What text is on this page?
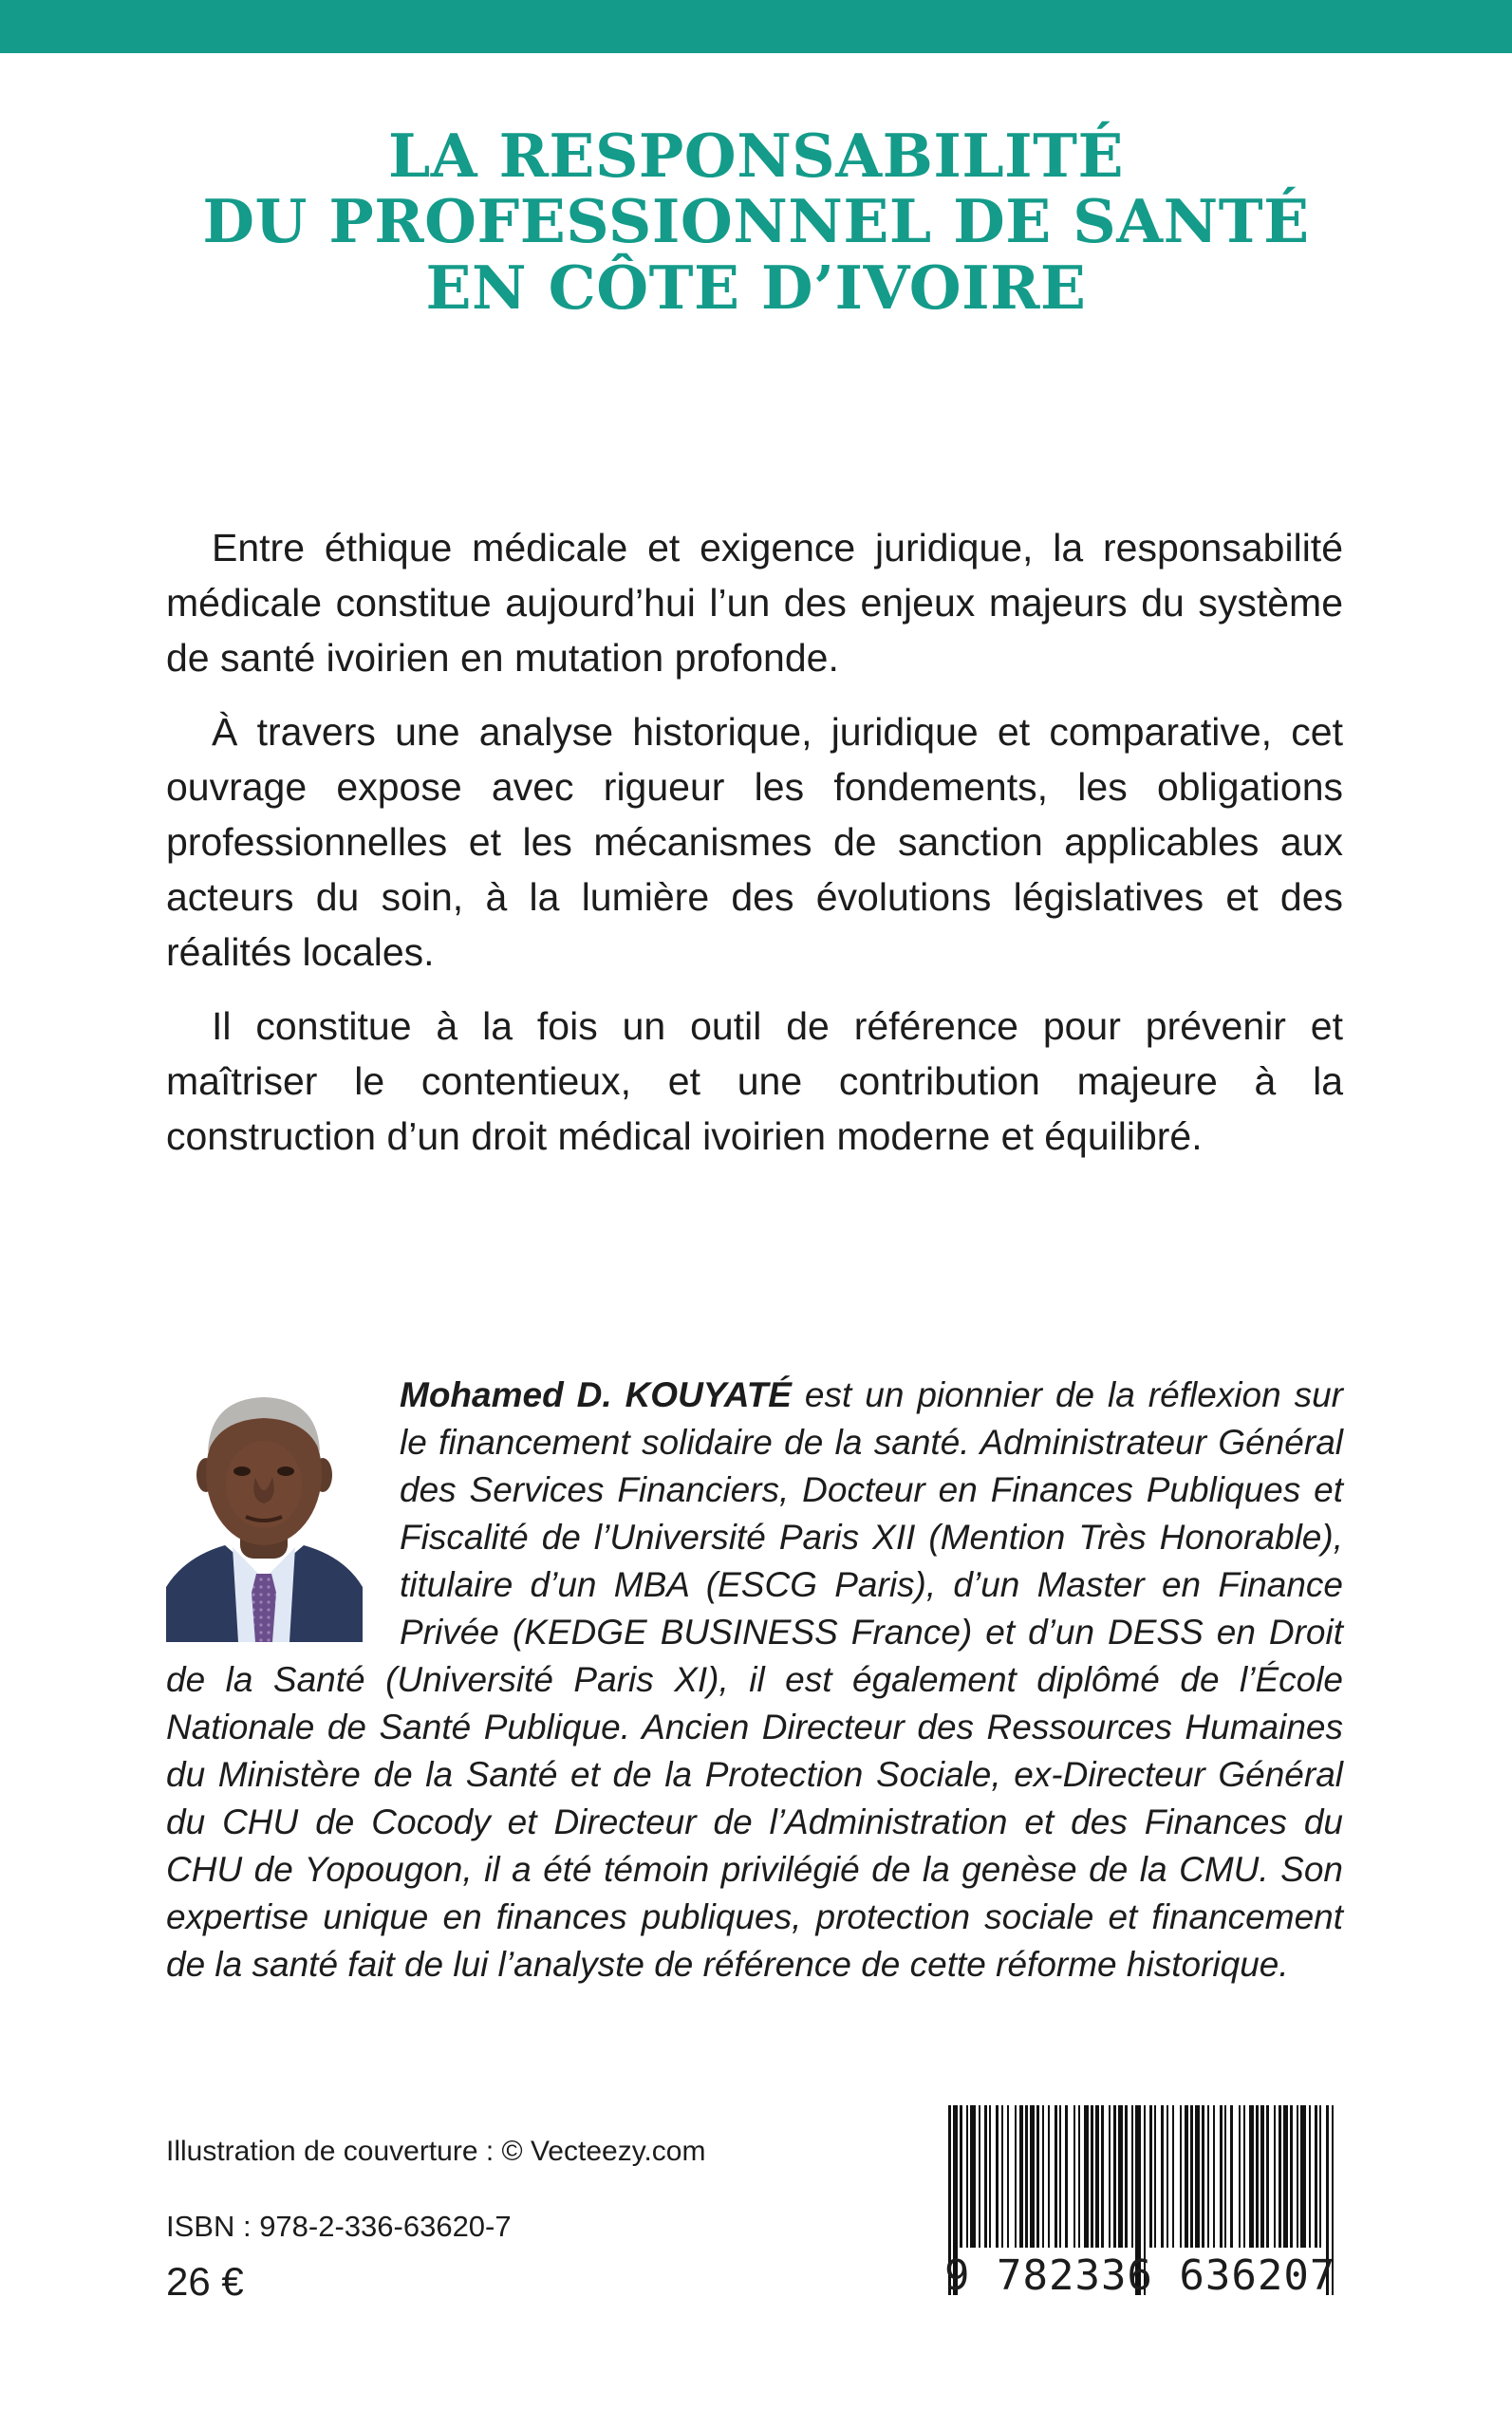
LA RESPONSABILITÉ
DU PROFESSIONNEL DE SANTÉ
EN CÔTE D’IVOIRE

Entre éthique médicale et exigence juridique, la responsabilité médicale constitue aujourd’hui l’un des enjeux majeurs du système de santé ivoirien en mutation profonde.

À travers une analyse historique, juridique et comparative, cet ouvrage expose avec rigueur les fondements, les obligations professionnelles et les mécanismes de sanction applicables aux acteurs du soin, à la lumière des évolutions législatives et des réalités locales.

Il constitue à la fois un outil de référence pour prévenir et maîtriser le contentieux, et une contribution majeure à la construction d’un droit médical ivoirien moderne et équilibré.

Mohamed D. KOUYATÉ est un pionnier de la réflexion sur le financement solidaire de la santé. Administrateur Général des Services Financiers, Docteur en Finances Publiques et Fiscalité de l’Université Paris XII (Mention Très Honorable), titulaire d’un MBA (ESCG Paris), d’un Master en Finance Privée (KEDGE BUSINESS France) et d’un DESS en Droit de la Santé (Université Paris XI), il est également diplômé de l’École Nationale de Santé Publique. Ancien Directeur des Ressources Humaines du Ministère de la Santé et de la Protection Sociale, ex-Directeur Général du CHU de Cocody et Directeur de l’Administration et des Finances du CHU de Yopougon, il a été témoin privilégié de la genèse de la CMU. Son expertise unique en finances publiques, protection sociale et financement de la santé fait de lui l’analyste de référence de cette réforme historique.
Illustration de couverture : © Vecteezy.com
ISBN : 978-2-336-63620-7
26 €	9 782336 636207
